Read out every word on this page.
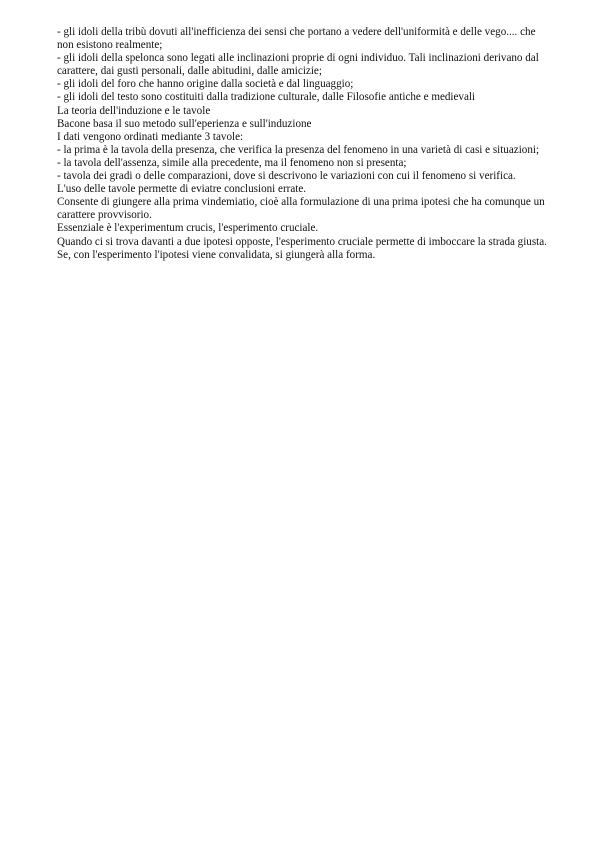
- gli idoli della tribù dovuti all'inefficienza dei sensi che portano a vedere dell'uniformità e delle vego.... che non esistono realmente;

- gli idoli della spelonca sono legati alle inclinazioni proprie di ogni individuo. Tali inclinazioni derivano dal carattere, dai gusti personali, dalle abitudini, dalle amicizie;

- gli idoli del foro che hanno origine dalla società e dal linguaggio;

- gli idoli del testo sono costituiti dalla tradizione culturale, dalle Filosofie antiche e medievali

La teoria dell'induzione e le tavole

Bacone basa il suo metodo sull'eperienza e sull'induzione

I dati vengono ordinati mediante 3 tavole:

- la prima è la tavola della presenza, che verifica la presenza del fenomeno in una varietà di casi e situazioni;

- la tavola dell'assenza, simile alla precedente, ma il fenomeno non si presenta;

- tavola dei gradi o delle comparazioni, dove si descrivono le variazioni con cui il fenomeno si verifica.

L'uso delle tavole permette di eviatre conclusioni errate.

Consente di giungere alla prima vindemiatio, cioè alla formulazione di una prima ipotesi che ha comunque un carattere provvisorio.

Essenziale è l'experimentum crucis, l'esperimento cruciale.

Quando ci si trova davanti a due ipotesi opposte, l'esperimento cruciale permette di imboccare la strada giusta.

Se, con l'esperimento l'ipotesi viene convalidata, si giungerà alla forma.
